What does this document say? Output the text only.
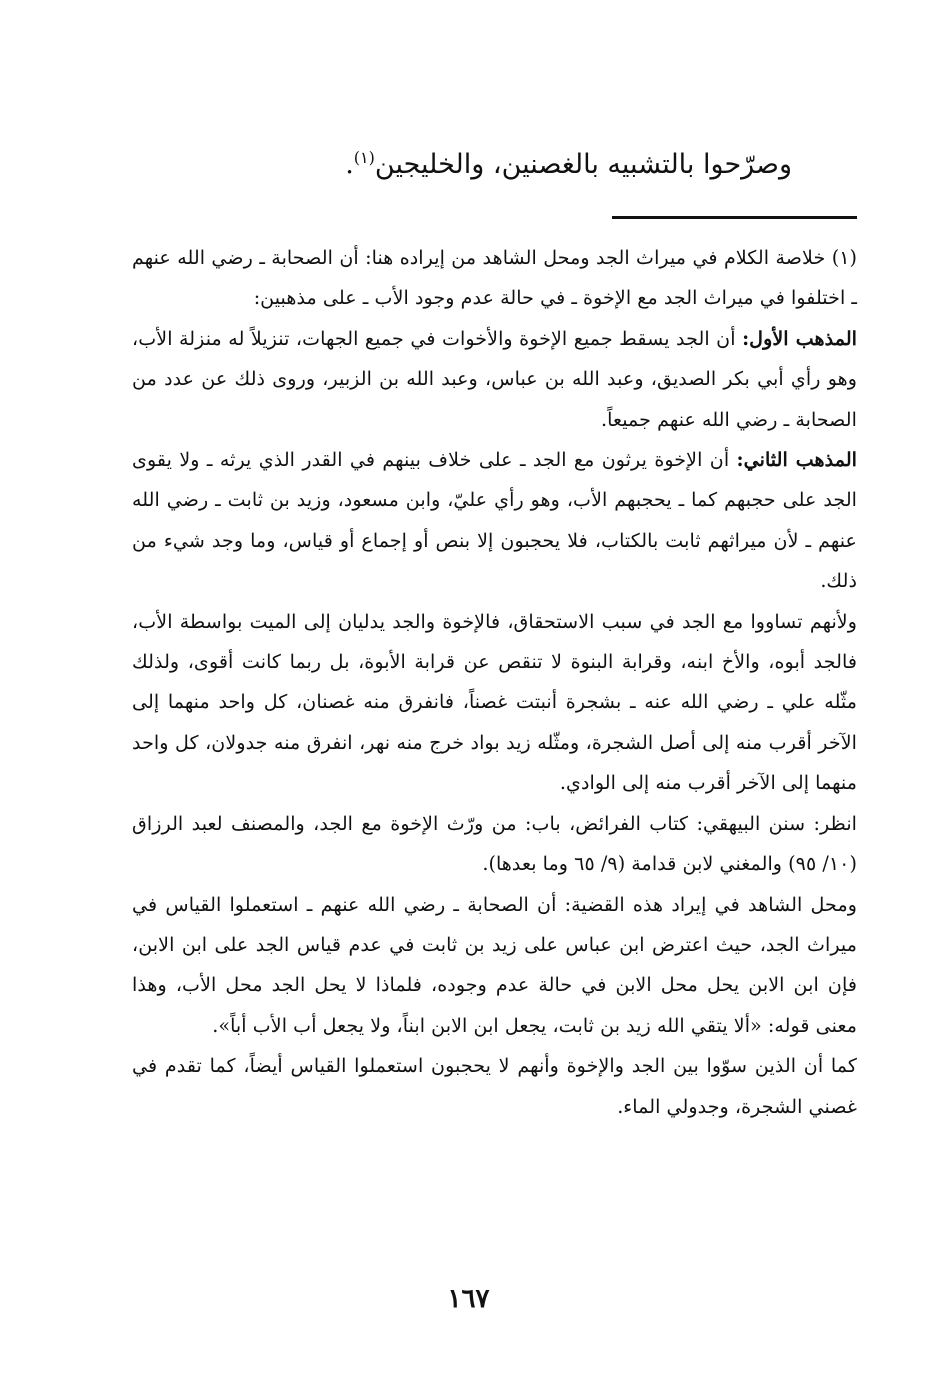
وصرّحوا بالتشبيه بالغصنين، والخليجين$^{(١)}$.

(١) خلاصة الكلام في ميراث الجد ومحل الشاهد من إيراده هنا: أن الصحابة ـ رضي الله عنهم ـ اختلفوا في ميراث الجد مع الإخوة ـ في حالة عدم وجود الأب ـ على مذهبين:

المذهب الأول: أن الجد يسقط جميع الإخوة والأخوات في جميع الجهات، تنزيلاً له منزلة الأب، وهو رأي أبي بكر الصديق، وعبد الله بن عباس، وعبد الله بن الزبير، وروى ذلك عن عدد من الصحابة ـ رضي الله عنهم جميعاً.

المذهب الثاني: أن الإخوة يرثون مع الجد ـ على خلاف بينهم في القدر الذي يرثه ـ ولا يقوى الجد على حجبهم كما ـ يحجبهم الأب، وهو رأي عليّ، وابن مسعود، وزيد بن ثابت ـ رضي الله عنهم ـ لأن ميراثهم ثابت بالكتاب، فلا يحجبون إلا بنص أو إجماع أو قياس، وما وجد شيء من ذلك.

ولأنهم تساووا مع الجد في سبب الاستحقاق، فالإخوة والجد يدليان إلى الميت بواسطة الأب، فالجد أبوه، والأخ ابنه، وقرابة البنوة لا تنقص عن قرابة الأبوة، بل ربما كانت أقوى، ولذلك مثّله علي ـ رضي الله عنه ـ بشجرة أنبتت غصناً، فانفرق منه غصنان، كل واحد منهما إلى الآخر أقرب منه إلى أصل الشجرة، ومثّله زيد بواد خرج منه نهر، انفرق منه جدولان، كل واحد منهما إلى الآخر أقرب منه إلى الوادي.

انظر: سنن البيهقي: كتاب الفرائض، باب: من ورّث الإخوة مع الجد، والمصنف لعبد الرزاق (١٠/ ٩٥) والمغني لابن قدامة (٩/ ٦٥ وما بعدها).

ومحل الشاهد في إيراد هذه القضية: أن الصحابة ـ رضي الله عنهم ـ استعملوا القياس في ميراث الجد، حيث اعترض ابن عباس على زيد بن ثابت في عدم قياس الجد على ابن الابن، فإن ابن الابن يحل محل الابن في حالة عدم وجوده، فلماذا لا يحل الجد محل الأب، وهذا معنى قوله: «ألا يتقي الله زيد بن ثابت، يجعل ابن الابن ابناً، ولا يجعل أب الأب أباً».

كما أن الذين سوّوا بين الجد والإخوة وأنهم لا يحجبون استعملوا القياس أيضاً، كما تقدم في غصني الشجرة، وجدولي الماء.

١٦٧
